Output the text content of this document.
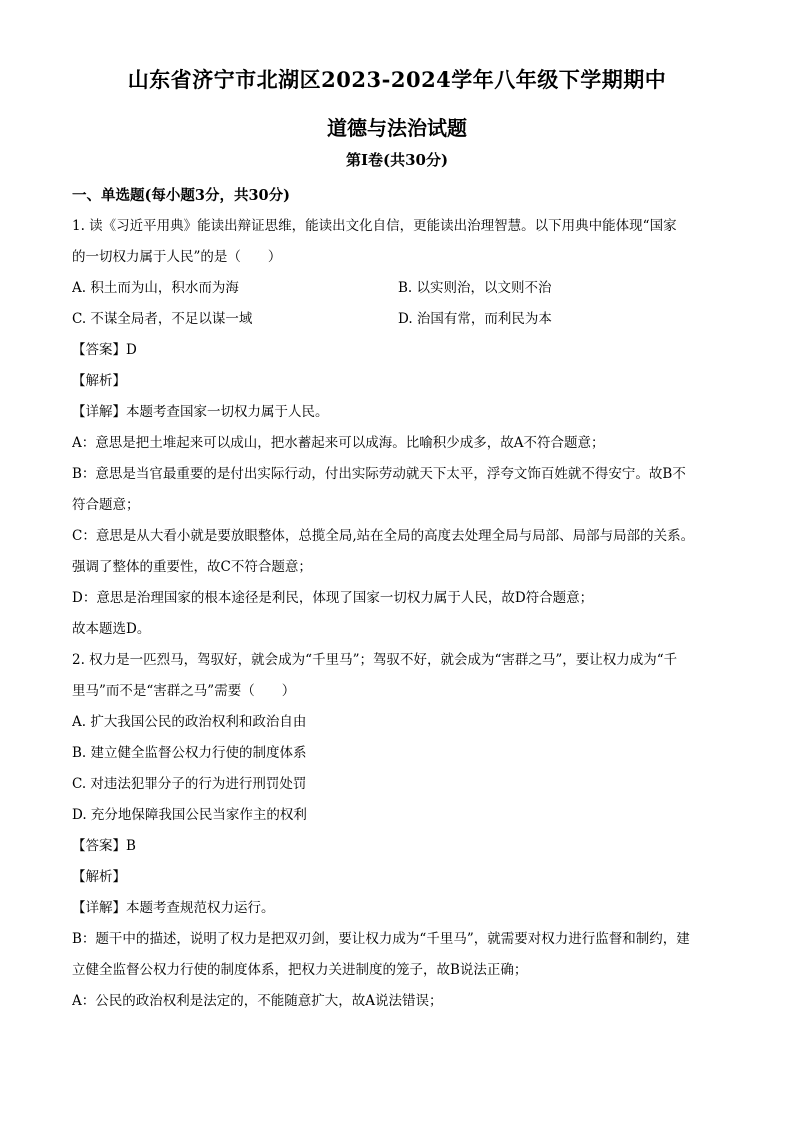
山东省济宁市北湖区2023-2024学年八年级下学期期中
道德与法治试题
第Ⅰ卷(共30分)
一、单选题(每小题3分，共30分)
1. 读《习近平用典》能读出辩证思维，能读出文化自信，更能读出治理智慧。以下用典中能体现“国家
的一切权力属于人民”的是（　　）
A. 积土而为山，积水而为海	B. 以实则治，以文则不治
C. 不谋全局者，不足以谋一域	D. 治国有常，而利民为本
【答案】D
【解析】
【详解】本题考查国家一切权力属于人民。
A：意思是把土堆起来可以成山，把水蓄起来可以成海。比喻积少成多，故A不符合题意；
B：意思是当官最重要的是付出实际行动，付出实际劳动就天下太平，浮夸文饰百姓就不得安宁。故B不
符合题意；
C：意思是从大看小就是要放眼整体，总揽全局,站在全局的高度去处理全局与局部、局部与局部的关系。
强调了整体的重要性，故C不符合题意；
D：意思是治理国家的根本途径是利民，体现了国家一切权力属于人民，故D符合题意；
故本题选D。
2. 权力是一匹烈马，驾驭好，就会成为“千里马”；驾驭不好，就会成为“害群之马”，要让权力成为“千
里马”而不是“害群之马”需要（　　）
A. 扩大我国公民的政治权利和政治自由
B. 建立健全监督公权力行使的制度体系
C. 对违法犯罪分子的行为进行刑罚处罚
D. 充分地保障我国公民当家作主的权利
【答案】B
【解析】
【详解】本题考查规范权力运行。
B：题干中的描述，说明了权力是把双刃剑，要让权力成为“千里马”，就需要对权力进行监督和制约，建
立健全监督公权力行使的制度体系，把权力关进制度的笼子，故B说法正确；
A：公民的政治权利是法定的，不能随意扩大，故A说法错误；
